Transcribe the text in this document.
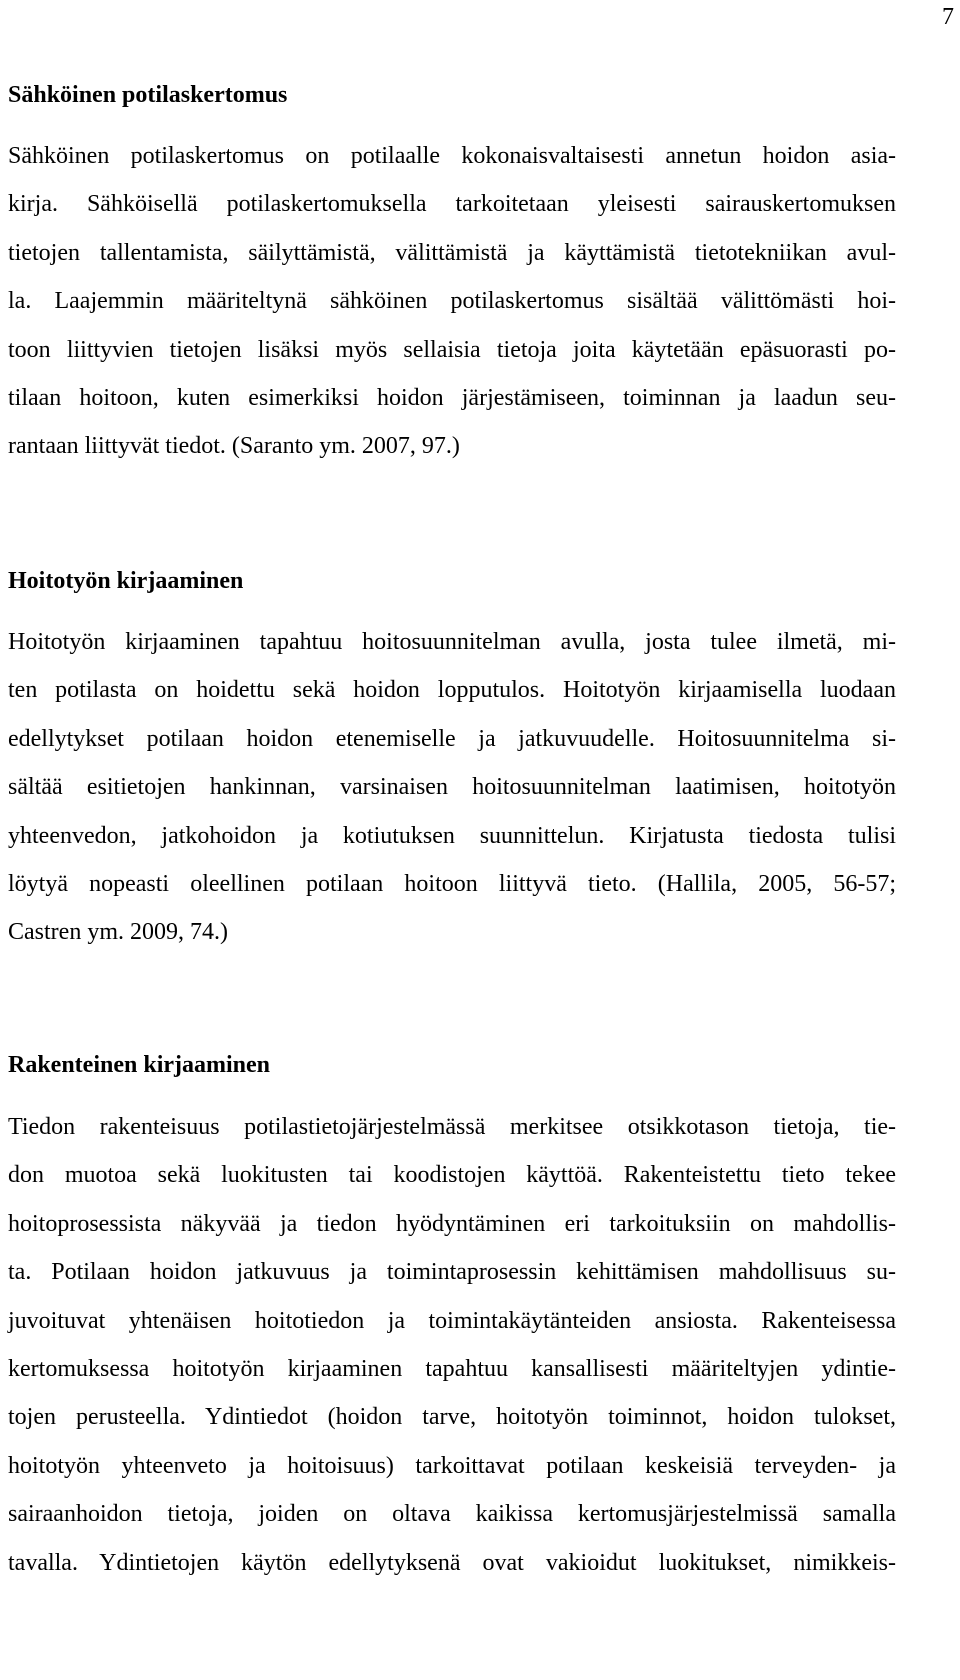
7
Sähköinen potilaskertomus
Sähköinen potilaskertomus on potilaalle kokonaisvaltaisesti annetun hoidon asia-
kirja. Sähköisellä potilaskertomuksella tarkoitetaan yleisesti sairauskertomuksen
tietojen tallentamista, säilyttämistä, välittämistä ja käyttämistä tietotekniikan avul-
la. Laajemmin määriteltynä sähköinen potilaskertomus sisältää välittömästi hoi-
toon liittyvien tietojen lisäksi myös sellaisia tietoja joita käytetään epäsuorasti po-
tilaan hoitoon, kuten esimerkiksi hoidon järjestämiseen, toiminnan ja laadun seu-
rantaan liittyvät tiedot. (Saranto ym. 2007, 97.)
Hoitotyön kirjaaminen
Hoitotyön kirjaaminen tapahtuu hoitosuunnitelman avulla, josta tulee ilmetä, mi-
ten potilasta on hoidettu sekä hoidon lopputulos. Hoitotyön kirjaamisella luodaan
edellytykset potilaan hoidon etenemiselle ja jatkuvuudelle. Hoitosuunnitelma si-
sältää esitietojen hankinnan, varsinaisen hoitosuunnitelman laatimisen, hoitotyön
yhteenvedon, jatkohoidon ja kotiutuksen suunnittelun. Kirjatusta tiedosta tulisi
löytyä nopeasti oleellinen potilaan hoitoon liittyvä tieto. (Hallila, 2005, 56-57;
Castren ym. 2009, 74.)
Rakenteinen kirjaaminen
Tiedon rakenteisuus potilastietojärjestelmässä merkitsee otsikkotason tietoja, tie-
don muotoa sekä luokitusten tai koodistojen käyttöä. Rakenteistettu tieto tekee
hoitoprosessista näkyvää ja tiedon hyödyntäminen eri tarkoituksiin on mahdollis-
ta. Potilaan hoidon jatkuvuus ja toimintaprosessin kehittämisen mahdollisuus su-
juvoituvat yhtenäisen hoitotiedon ja toimintakäytänteiden ansiosta. Rakenteisessa
kertomuksessa hoitotyön kirjaaminen tapahtuu kansallisesti määriteltyjen ydintie-
tojen perusteella. Ydintiedot (hoidon tarve, hoitotyön toiminnot, hoidon tulokset,
hoitotyön yhteenveto ja hoitoisuus) tarkoittavat potilaan keskeisiä terveyden- ja
sairaanhoidon tietoja, joiden on oltava kaikissa kertomusjärjestelmissä samalla
tavalla. Ydintietojen käytön edellytyksenä ovat vakioidut luokitukset, nimikkeis-
